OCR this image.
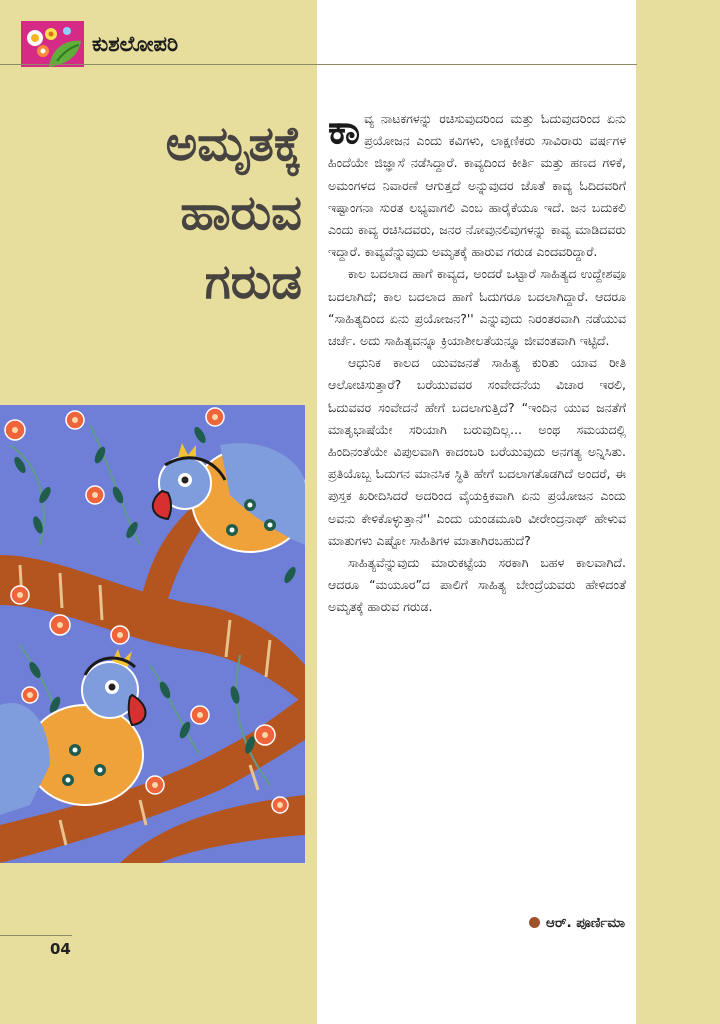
ಕುಶಲೋಪರಿ
ಅಮೃತಕ್ಕೆ
ಹಾರುವ
ಗರುಡ

ಕಾವ್ಯ ನಾಟಕಗಳನ್ನು ರಚಿಸುವುದರಿಂದ ಮತ್ತು ಓದುವುದರಿಂದ ಏನು ಪ್ರಯೋಜನ ಎಂದು ಕವಿಗಳು, ಲಾಕ್ಷಣಿಕರು ಸಾವಿರಾರು ವರ್ಷಗಳ ಹಿಂದೆಯೇ ಜಿಜ್ಞಾಸೆ ನಡೆಸಿದ್ದಾರೆ. ಕಾವ್ಯದಿಂದ ಕೀರ್ತಿ ಮತ್ತು ಹಣದ ಗಳಿಕೆ, ಅಮಂಗಳದ ನಿವಾರಣೆ ಆಗುತ್ತದೆ ಅನ್ನುವುದರ ಜೊತೆ ಕಾವ್ಯ ಓದಿದವರಿಗೆ ಇಷ್ಟಾಂಗನಾ ಸುರತ ಲಭ್ಯವಾಗಲಿ ಎಂಬ ಹಾರೈಕೆಯೂ ಇದೆ. ಜನ ಬದುಕಲಿ ಎಂದು ಕಾವ್ಯ ರಚಿಸಿದವರು, ಜನರ ನೋವುನಲಿವುಗಳನ್ನು ಕಾವ್ಯ ಮಾಡಿದವರು ಇದ್ದಾರೆ. ಕಾವ್ಯವೆನ್ನುವುದು ಅಮೃತಕ್ಕೆ ಹಾರುವ ಗರುಡ ಎಂದವರಿದ್ದಾರೆ.

ಕಾಲ ಬದಲಾದ ಹಾಗೆ ಕಾವ್ಯದ, ಅಂದರೆ ಒಟ್ಟಾರೆ ಸಾಹಿತ್ಯದ ಉದ್ದೇಶವೂ ಬದಲಾಗಿದೆ; ಕಾಲ ಬದಲಾದ ಹಾಗೆ ಓದುಗರೂ ಬದಲಾಗಿದ್ದಾರೆ. ಆದರೂ “ಸಾಹಿತ್ಯದಿಂದ ಏನು ಪ್ರಯೋಜನ?'' ಎನ್ನುವುದು ನಿರಂತರವಾಗಿ ನಡೆಯುವ ಚರ್ಚೆ. ಅದು ಸಾಹಿತ್ಯವನ್ನೂ ಕ್ರಿಯಾಶೀಲತೆಯನ್ನೂ ಜೀವಂತವಾಗಿ ಇಟ್ಟಿದೆ.

ಆಧುನಿಕ ಕಾಲದ ಯುವಜನತೆ ಸಾಹಿತ್ಯ ಕುರಿತು ಯಾವ ರೀತಿ ಆಲೋಚಿಸುತ್ತಾರೆ? ಬರೆಯುವವರ ಸಂವೇದನೆಯ ವಿಚಾರ ಇರಲಿ, ಓದುವವರ ಸಂವೇದನೆ ಹೇಗೆ ಬದಲಾಗುತ್ತಿದೆ? “ಇಂದಿನ ಯುವ ಜನತೆಗೆ ಮಾತೃಭಾಷೆಯೇ ಸರಿಯಾಗಿ ಬರುವುದಿಲ್ಲ... ಅಂಥ ಸಮಯದಲ್ಲಿ ಹಿಂದಿನಂತೆಯೇ ವಿಪುಲವಾಗಿ ಕಾದಂಬರಿ ಬರೆಯುವುದು ಅನಗತ್ಯ ಅನ್ನಿಸಿತು. ಪ್ರತಿಯೊಬ್ಬ ಓದುಗನ ಮಾನಸಿಕ ಸ್ಥಿತಿ ಹೇಗೆ ಬದಲಾಗತೊಡಗಿದೆ ಅಂದರೆ, ಈ ಪುಸ್ತಕ ಖರೀದಿಸಿದರೆ ಅದರಿಂದ ವೈಯಕ್ತಿಕವಾಗಿ ಏನು ಪ್ರಯೋಜನ ಎಂದು ಅವನು ಕೇಳಿಕೊಳ್ಳುತ್ತಾನೆ'' ಎಂದು ಯಂಡಮೂರಿ ವೀರೇಂದ್ರನಾಥ್ ಹೇಳುವ ಮಾತುಗಳು ಎಷ್ಟೋ ಸಾಹಿತಿಗಳ ಮಾತಾಗಿರಬಹುದೆ?

ಸಾಹಿತ್ಯವೆನ್ನುವುದು ಮಾರುಕಟ್ಟೆಯ ಸರಕಾಗಿ ಬಹಳ ಕಾಲವಾಗಿದೆ. ಆದರೂ “ಮಯೂರ”ದ ಪಾಲಿಗೆ ಸಾಹಿತ್ಯ ಬೇಂದ್ರೆಯವರು ಹೇಳಿದಂತೆ ಅಮೃತಕ್ಕೆ ಹಾರುವ ಗರುಡ.

ಆರ್. ಪೂರ್ಣಿಮಾ
04
